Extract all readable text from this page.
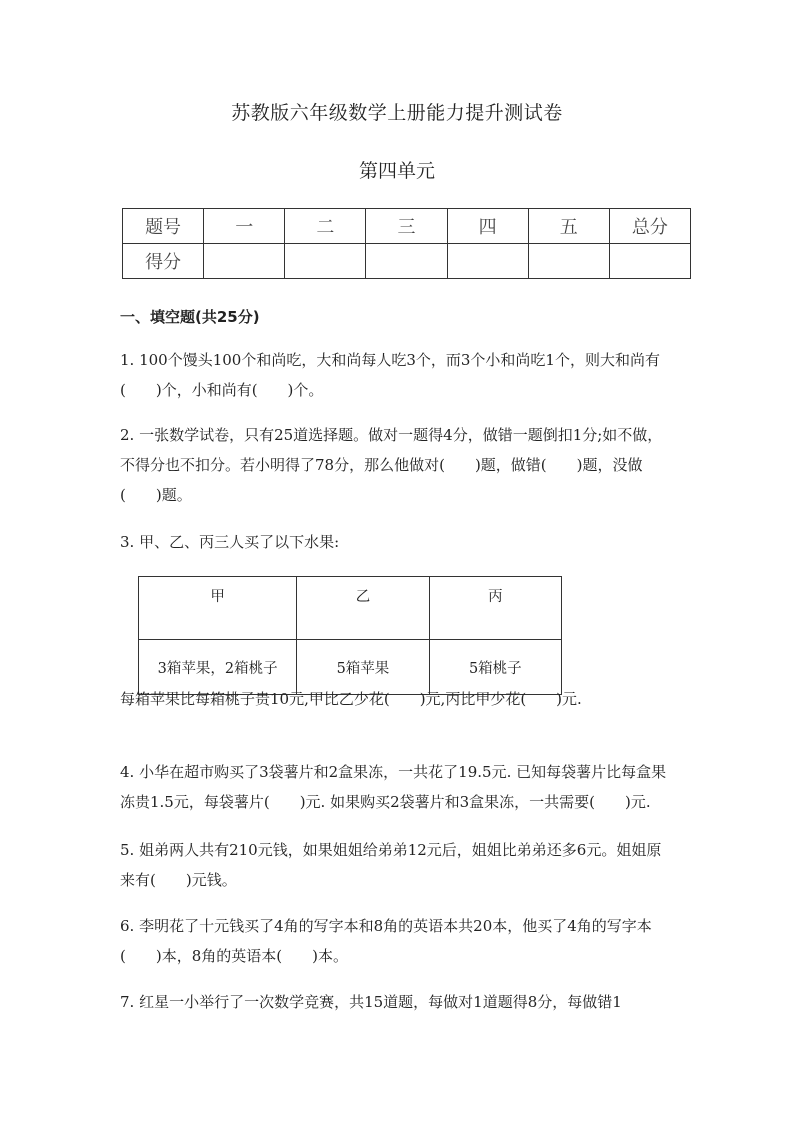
苏教版六年级数学上册能力提升测试卷
第四单元
题号	一	二	三	四	五	总分
得分						
一、填空题(共25分)
1. 100个馒头100个和尚吃，大和尚每人吃3个，而3个小和尚吃1个，则大和尚有(　　)个，小和尚有(　　)个。
2. 一张数学试卷，只有25道选择题。做对一题得4分，做错一题倒扣1分;如不做，不得分也不扣分。若小明得了78分，那么他做对(　　)题，做错(　　)题，没做(　　)题。
3. 甲、乙、丙三人买了以下水果:
甲	乙	丙
3箱苹果，2箱桃子	5箱苹果	5箱桃子
每箱苹果比每箱桃子贵10元,甲比乙少花(　　)元,丙比甲少花(　　)元.
4. 小华在超市购买了3袋薯片和2盒果冻，一共花了19.5元. 已知每袋薯片比每盒果冻贵1.5元，每袋薯片(　　)元. 如果购买2袋薯片和3盒果冻，一共需要(　　)元.
5. 姐弟两人共有210元钱，如果姐姐给弟弟12元后，姐姐比弟弟还多6元。姐姐原来有(　　)元钱。
6. 李明花了十元钱买了4角的写字本和8角的英语本共20本，他买了4角的写字本(　　)本，8角的英语本(　　)本。
7. 红星一小举行了一次数学竞赛，共15道题，每做对1道题得8分，每做错1
